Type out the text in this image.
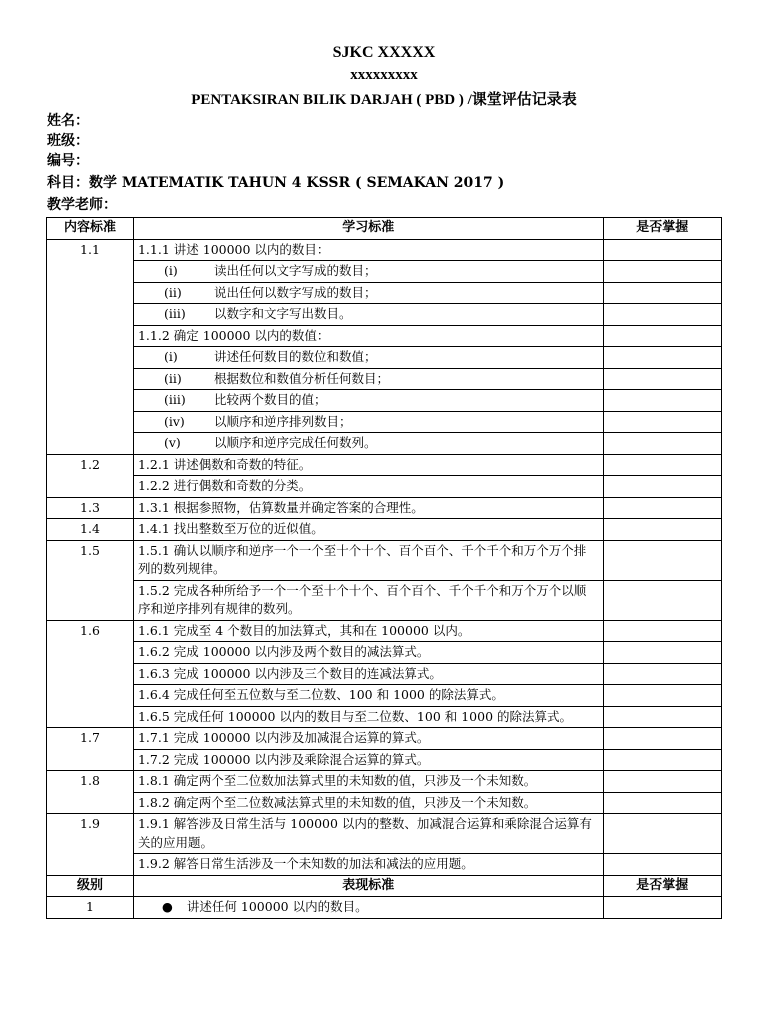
SJKC XXXXX
xxxxxxxxx
PENTAKSIRAN BILIK DARJAH ( PBD ) /课堂评估记录表
姓名：
班级：
编号：
科目：数学 MATEMATIK TAHUN 4 KSSR ( SEMAKAN 2017 )
教学老师：
内容标准	学习标准	是否掌握
1.1	1.1.1 讲述 100000 以内的数目：	
	(i) 读出任何以文字写成的数目；	
	(ii) 说出任何以数字写成的数目；	
	(iii) 以数字和文字写出数目。	
	1.1.2 确定 100000 以内的数值：	
	(i) 讲述任何数目的数位和数值；	
	(ii) 根据数位和数值分析任何数目；	
	(iii) 比较两个数目的值；	
	(iv) 以顺序和逆序排列数目；	
	(v) 以顺序和逆序完成任何数列。	
1.2	1.2.1 讲述偶数和奇数的特征。	
	1.2.2 进行偶数和奇数的分类。	
1.3	1.3.1 根据参照物，估算数量并确定答案的合理性。	
1.4	1.4.1 找出整数至万位的近似值。	
1.5	1.5.1 确认以顺序和逆序一个一个至十个十个、百个百个、千个千个和万个万个排列的数列规律。	
	1.5.2 完成各种所给予一个一个至十个十个、百个百个、千个千个和万个万个以顺序和逆序排列有规律的数列。	
1.6	1.6.1 完成至 4 个数目的加法算式，其和在 100000 以内。	
	1.6.2 完成 100000 以内涉及两个数目的减法算式。	
	1.6.3 完成 100000 以内涉及三个数目的连减法算式。	
	1.6.4 完成任何至五位数与至二位数、100 和 1000 的除法算式。	
	1.6.5 完成任何 100000 以内的数目与至二位数、100 和 1000 的除法算式。	
1.7	1.7.1 完成 100000 以内涉及加减混合运算的算式。	
	1.7.2 完成 100000 以内涉及乘除混合运算的算式。	
1.8	1.8.1 确定两个至二位数加法算式里的未知数的值，只涉及一个未知数。	
	1.8.2 确定两个至二位数减法算式里的未知数的值，只涉及一个未知数。	
1.9	1.9.1 解答涉及日常生活与 100000 以内的整数、加减混合运算和乘除混合运算有关的应用题。	
	1.9.2 解答日常生活涉及一个未知数的加法和减法的应用题。	
级别	表现标准	是否掌握
1	● 讲述任何 100000 以内的数目。	
